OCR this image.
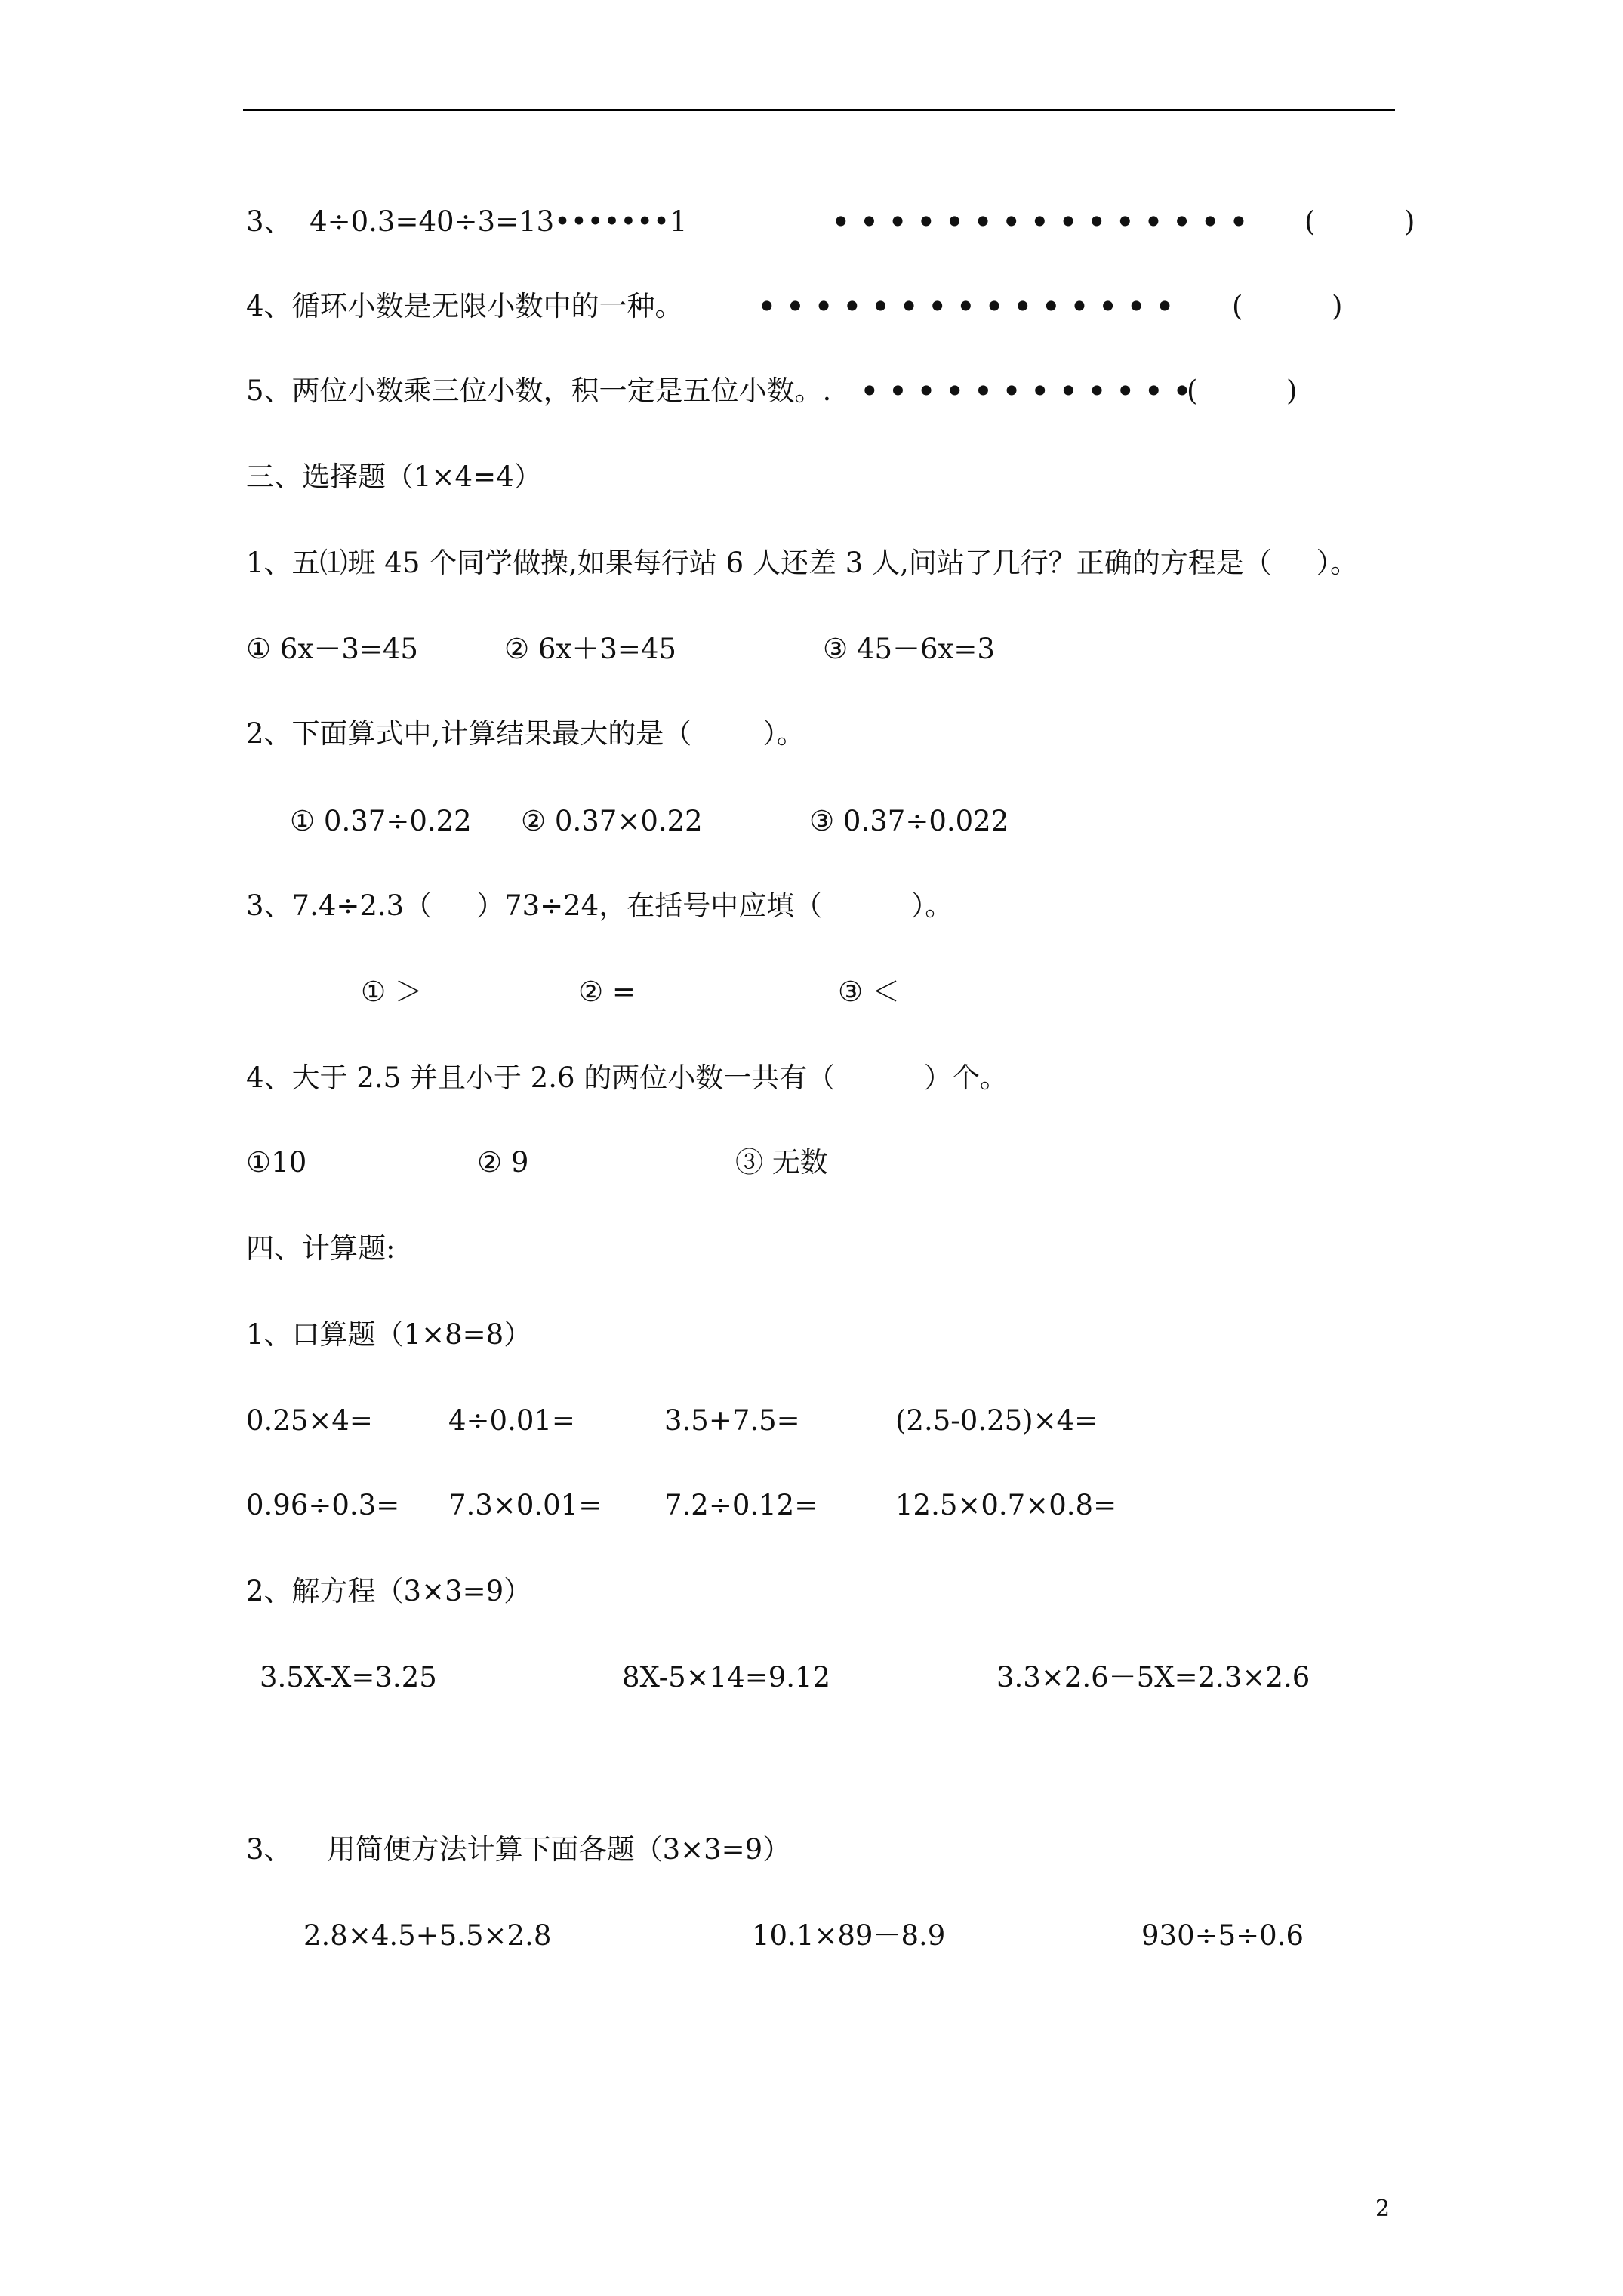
3、  4÷0.3=40÷3=13•••••••1	••••••••••••••• (          )
4、循环小数是无限小数中的一种。	••••••••••••••• (          )
5、两位小数乘三位小数，积一定是五位小数。. ••••••••••••
(          )
三、选择题（1×4=4）
1、五⑴班 45 个同学做操,如果每行站 6 人还差 3 人,问站了几行？正确的方程是（     ）。
① 6x－3=45	② 6x＋3=45	③ 45－6x=3
2、下面算式中,计算结果最大的是（        ）。
① 0.37÷0.22 ② 0.37×0.22	③ 0.37÷0.022
3、7.4÷2.3（     ）73÷24，在括号中应填（          ）。
① ＞	② =	③ ＜
4、大于 2.5 并且小于 2.6 的两位小数一共有（          ）个。
①10	② 9	③ 无数
四、计算题:
1、口算题（1×8=8）
0.25×4=	4÷0.01=	3.5+7.5=	(2.5-0.25)×4=
0.96÷0.3= 7.3×0.01= 7.2÷0.12=	12.5×0.7×0.8=
2、解方程（3×3=9）
3.5X-X=3.25	8X-5×14=9.12	3.3×2.6－5X=2.3×2.6
3、    用简便方法计算下面各题（3×3=9）
2.8×4.5+5.5×2.8	10.1×89－8.9	930÷5÷0.6
2
